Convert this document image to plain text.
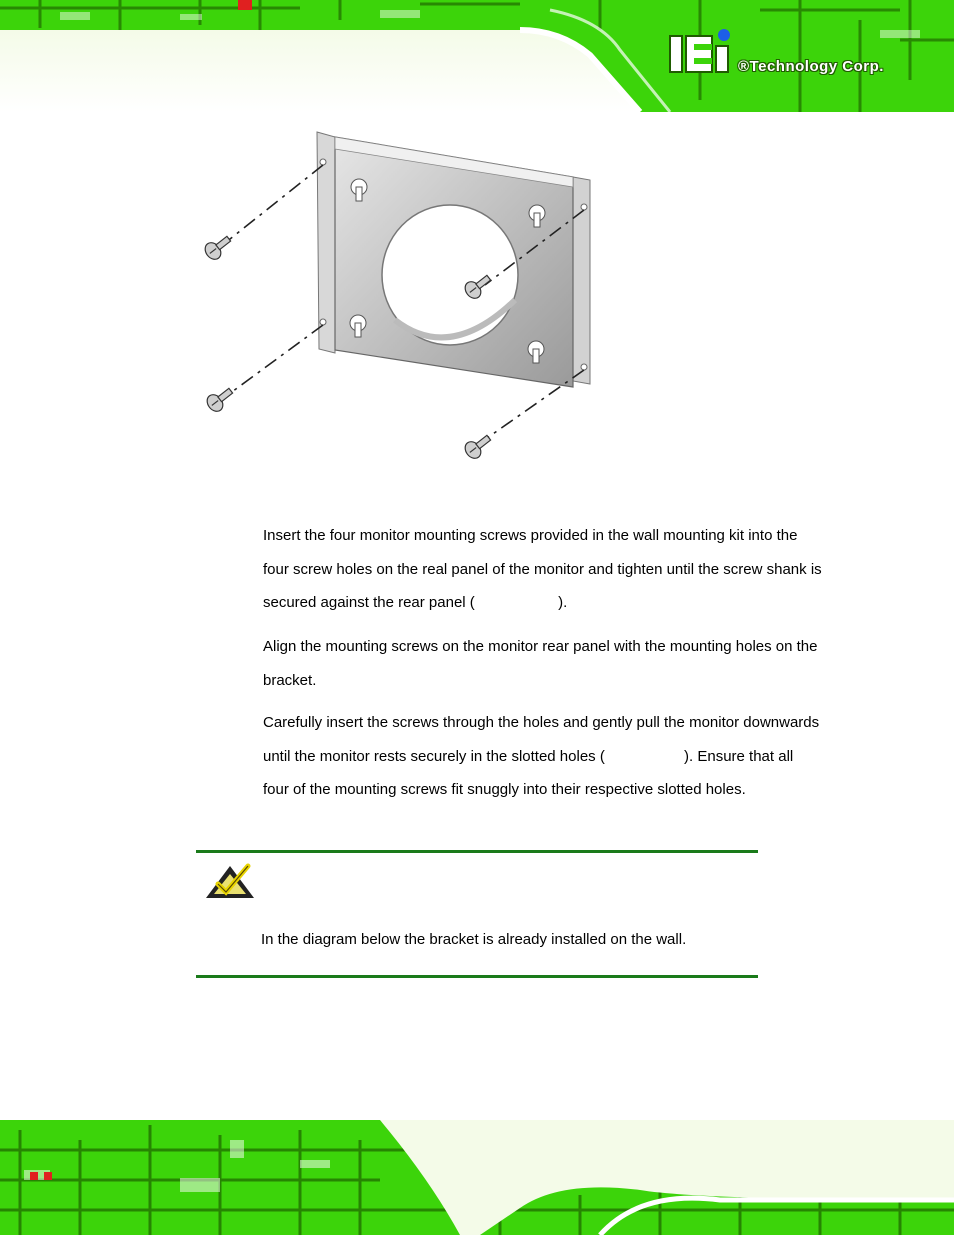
®Technology Corp.
Insert the four monitor mounting screws provided in the wall mounting kit into the four screw holes on the real panel of the monitor and tighten until the screw shank is secured against the rear panel (                    ).
Align the mounting screws on the monitor rear panel with the mounting holes on the bracket.
Carefully insert the screws through the holes and gently pull the monitor downwards until the monitor rests securely in the slotted holes (                   ). Ensure that all four of the mounting screws fit snuggly into their respective slotted holes.
In the diagram below the bracket is already installed on the wall.
